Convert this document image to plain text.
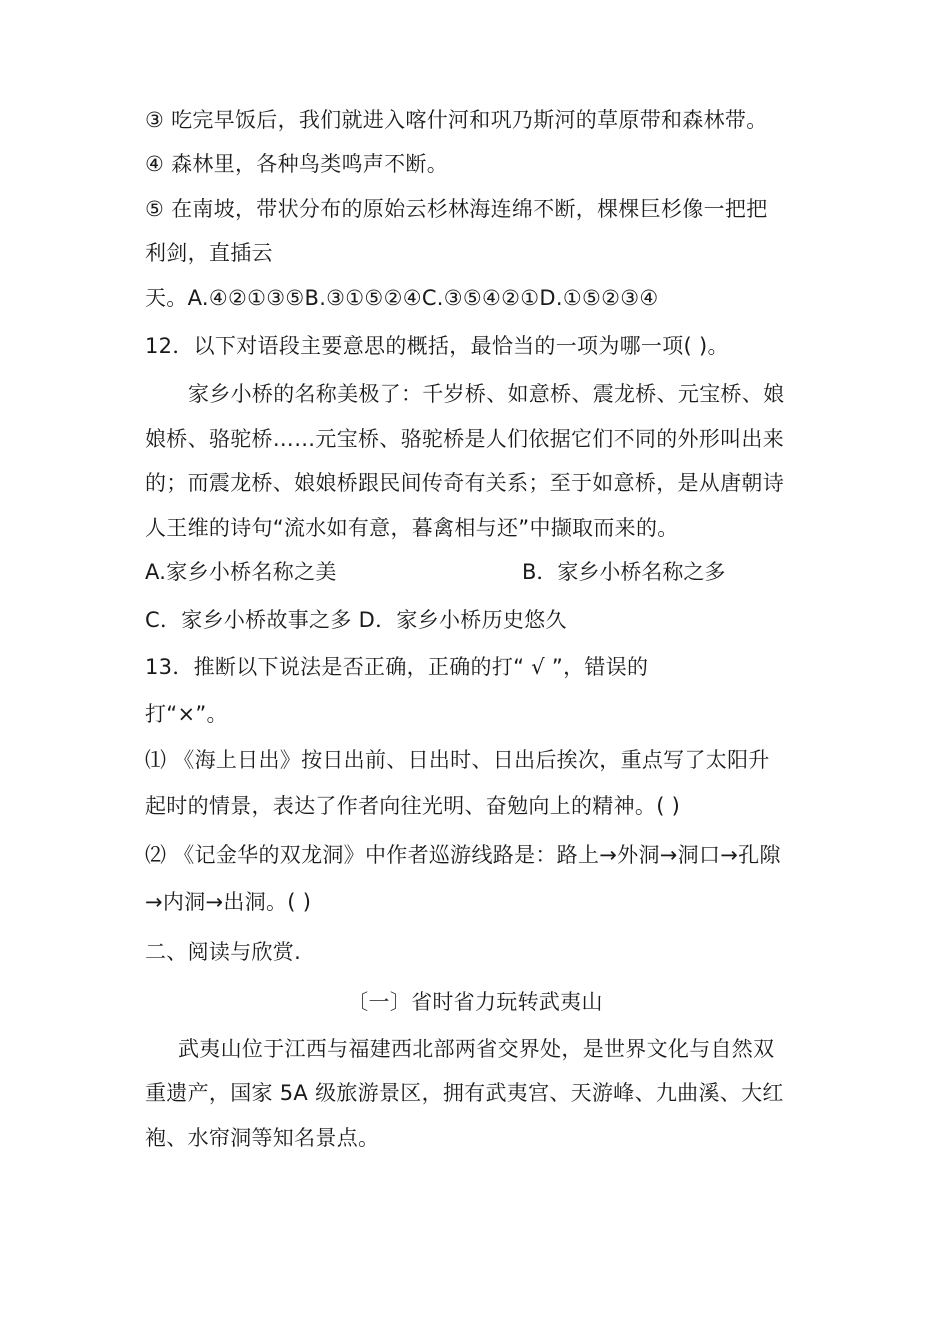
③ 吃完早饭后，我们就进入喀什河和巩乃斯河的草原带和森林带。
④ 森林里，各种鸟类鸣声不断。
⑤ 在南坡，带状分布的原始云杉林海连绵不断，棵棵巨杉像一把把
利剑，直插云
天。A.④②①③⑤B.③①⑤②④C.③⑤④②①D.①⑤②③④
12．以下对语段主要意思的概括，最恰当的一项为哪一项( )。
家乡小桥的名称美极了：千岁桥、如意桥、震龙桥、元宝桥、娘
娘桥、骆驼桥……元宝桥、骆驼桥是人们依据它们不同的外形叫出来
的；而震龙桥、娘娘桥跟民间传奇有关系；至于如意桥，是从唐朝诗
人王维的诗句“流水如有意，暮禽相与还”中撷取而来的。
A.家乡小桥名称之美	B．家乡小桥名称之多
C．家乡小桥故事之多 D．家乡小桥历史悠久
13．推断以下说法是否正确，正确的打“ √ ”，错误的
打“×”。
⑴ 《海上日出》按日出前、日出时、日出后挨次，重点写了太阳升
起时的情景，表达了作者向往光明、奋勉向上的精神。( )
⑵ 《记金华的双龙洞》中作者巡游线路是：路上→外洞→洞口→孔隙
→内洞→出洞。( )
二、阅读与欣赏.
〔一〕省时省力玩转武夷山
武夷山位于江西与福建西北部两省交界处，是世界文化与自然双
重遗产，国家 5A 级旅游景区，拥有武夷宫、天游峰、九曲溪、大红
袍、水帘洞等知名景点。
